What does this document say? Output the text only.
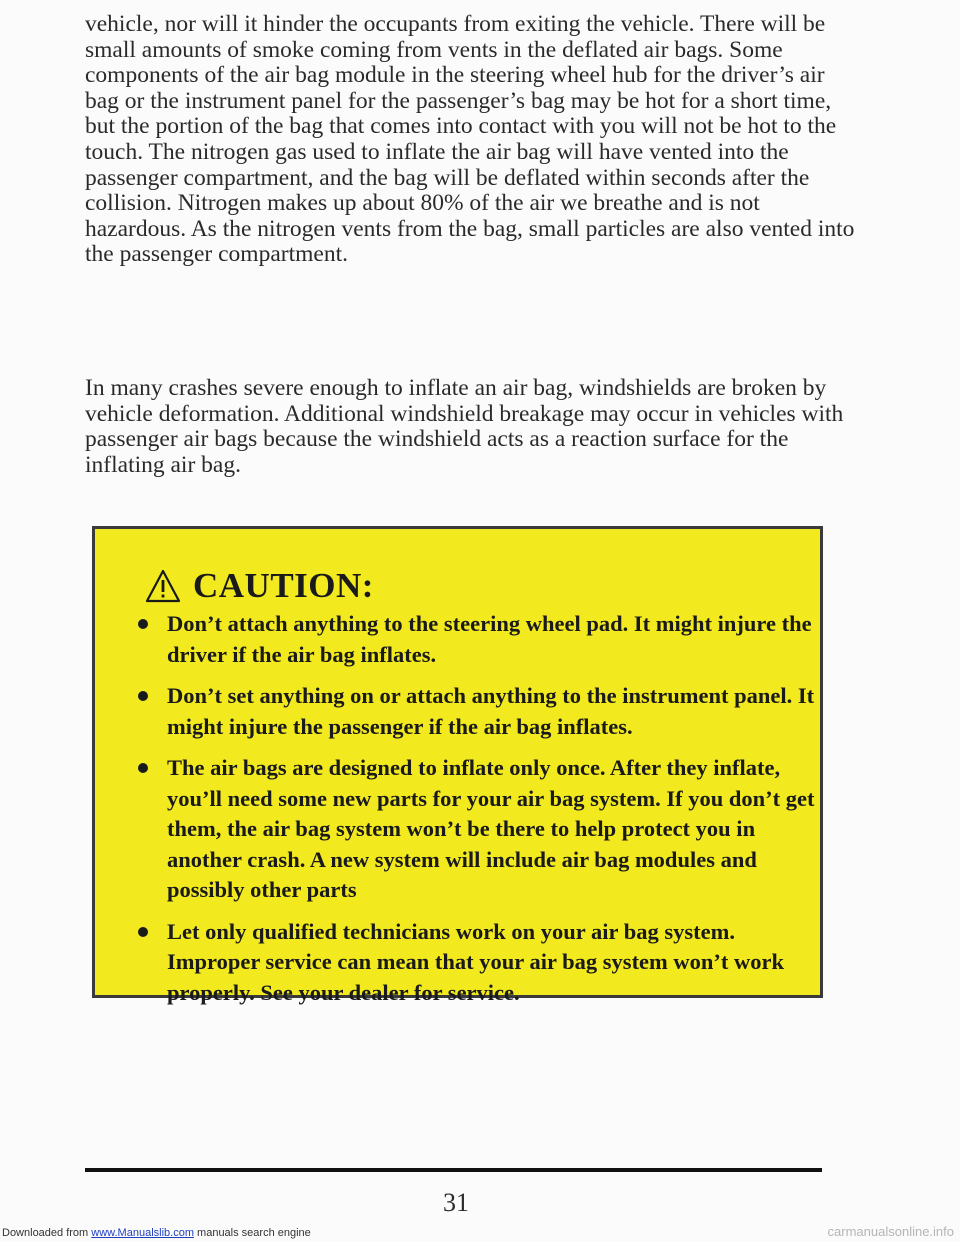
vehicle, nor will it hinder the occupants from exiting the vehicle. There will be small amounts of smoke coming from vents in the deflated air bags. Some components of the air bag module in the steering wheel hub for the driver’s air bag or the instrument panel for the passenger’s bag may be hot for a short time, but the portion of the bag that comes into contact with you will not be hot to the touch. The nitrogen gas used to inflate the air bag will have vented into the passenger compartment, and the bag will be deflated within seconds after the collision. Nitrogen makes up about 80% of the air we breathe and is not hazardous. As the nitrogen vents from the bag, small particles are also vented into the passenger compartment.

In many crashes severe enough to inflate an air bag, windshields are broken by vehicle deformation. Additional windshield breakage may occur in vehicles with passenger air bags because the windshield acts as a reaction surface for the inflating air bag.

CAUTION:
Don’t attach anything to the steering wheel pad. It might injure the driver if the air bag inflates.
Don’t set anything on or attach anything to the instrument panel. It might injure the passenger if the air bag inflates.
The air bags are designed to inflate only once. After they inflate, you’ll need some new parts for your air bag system. If you don’t get them, the air bag system won’t be there to help protect you in another crash. A new system will include air bag modules and possibly other parts
Let only qualified technicians work on your air bag system. Improper service can mean that your air bag system won’t work properly. See your dealer for service.
31
Downloaded from www.Manualslib.com manuals search engine	carmanualsonline.info
